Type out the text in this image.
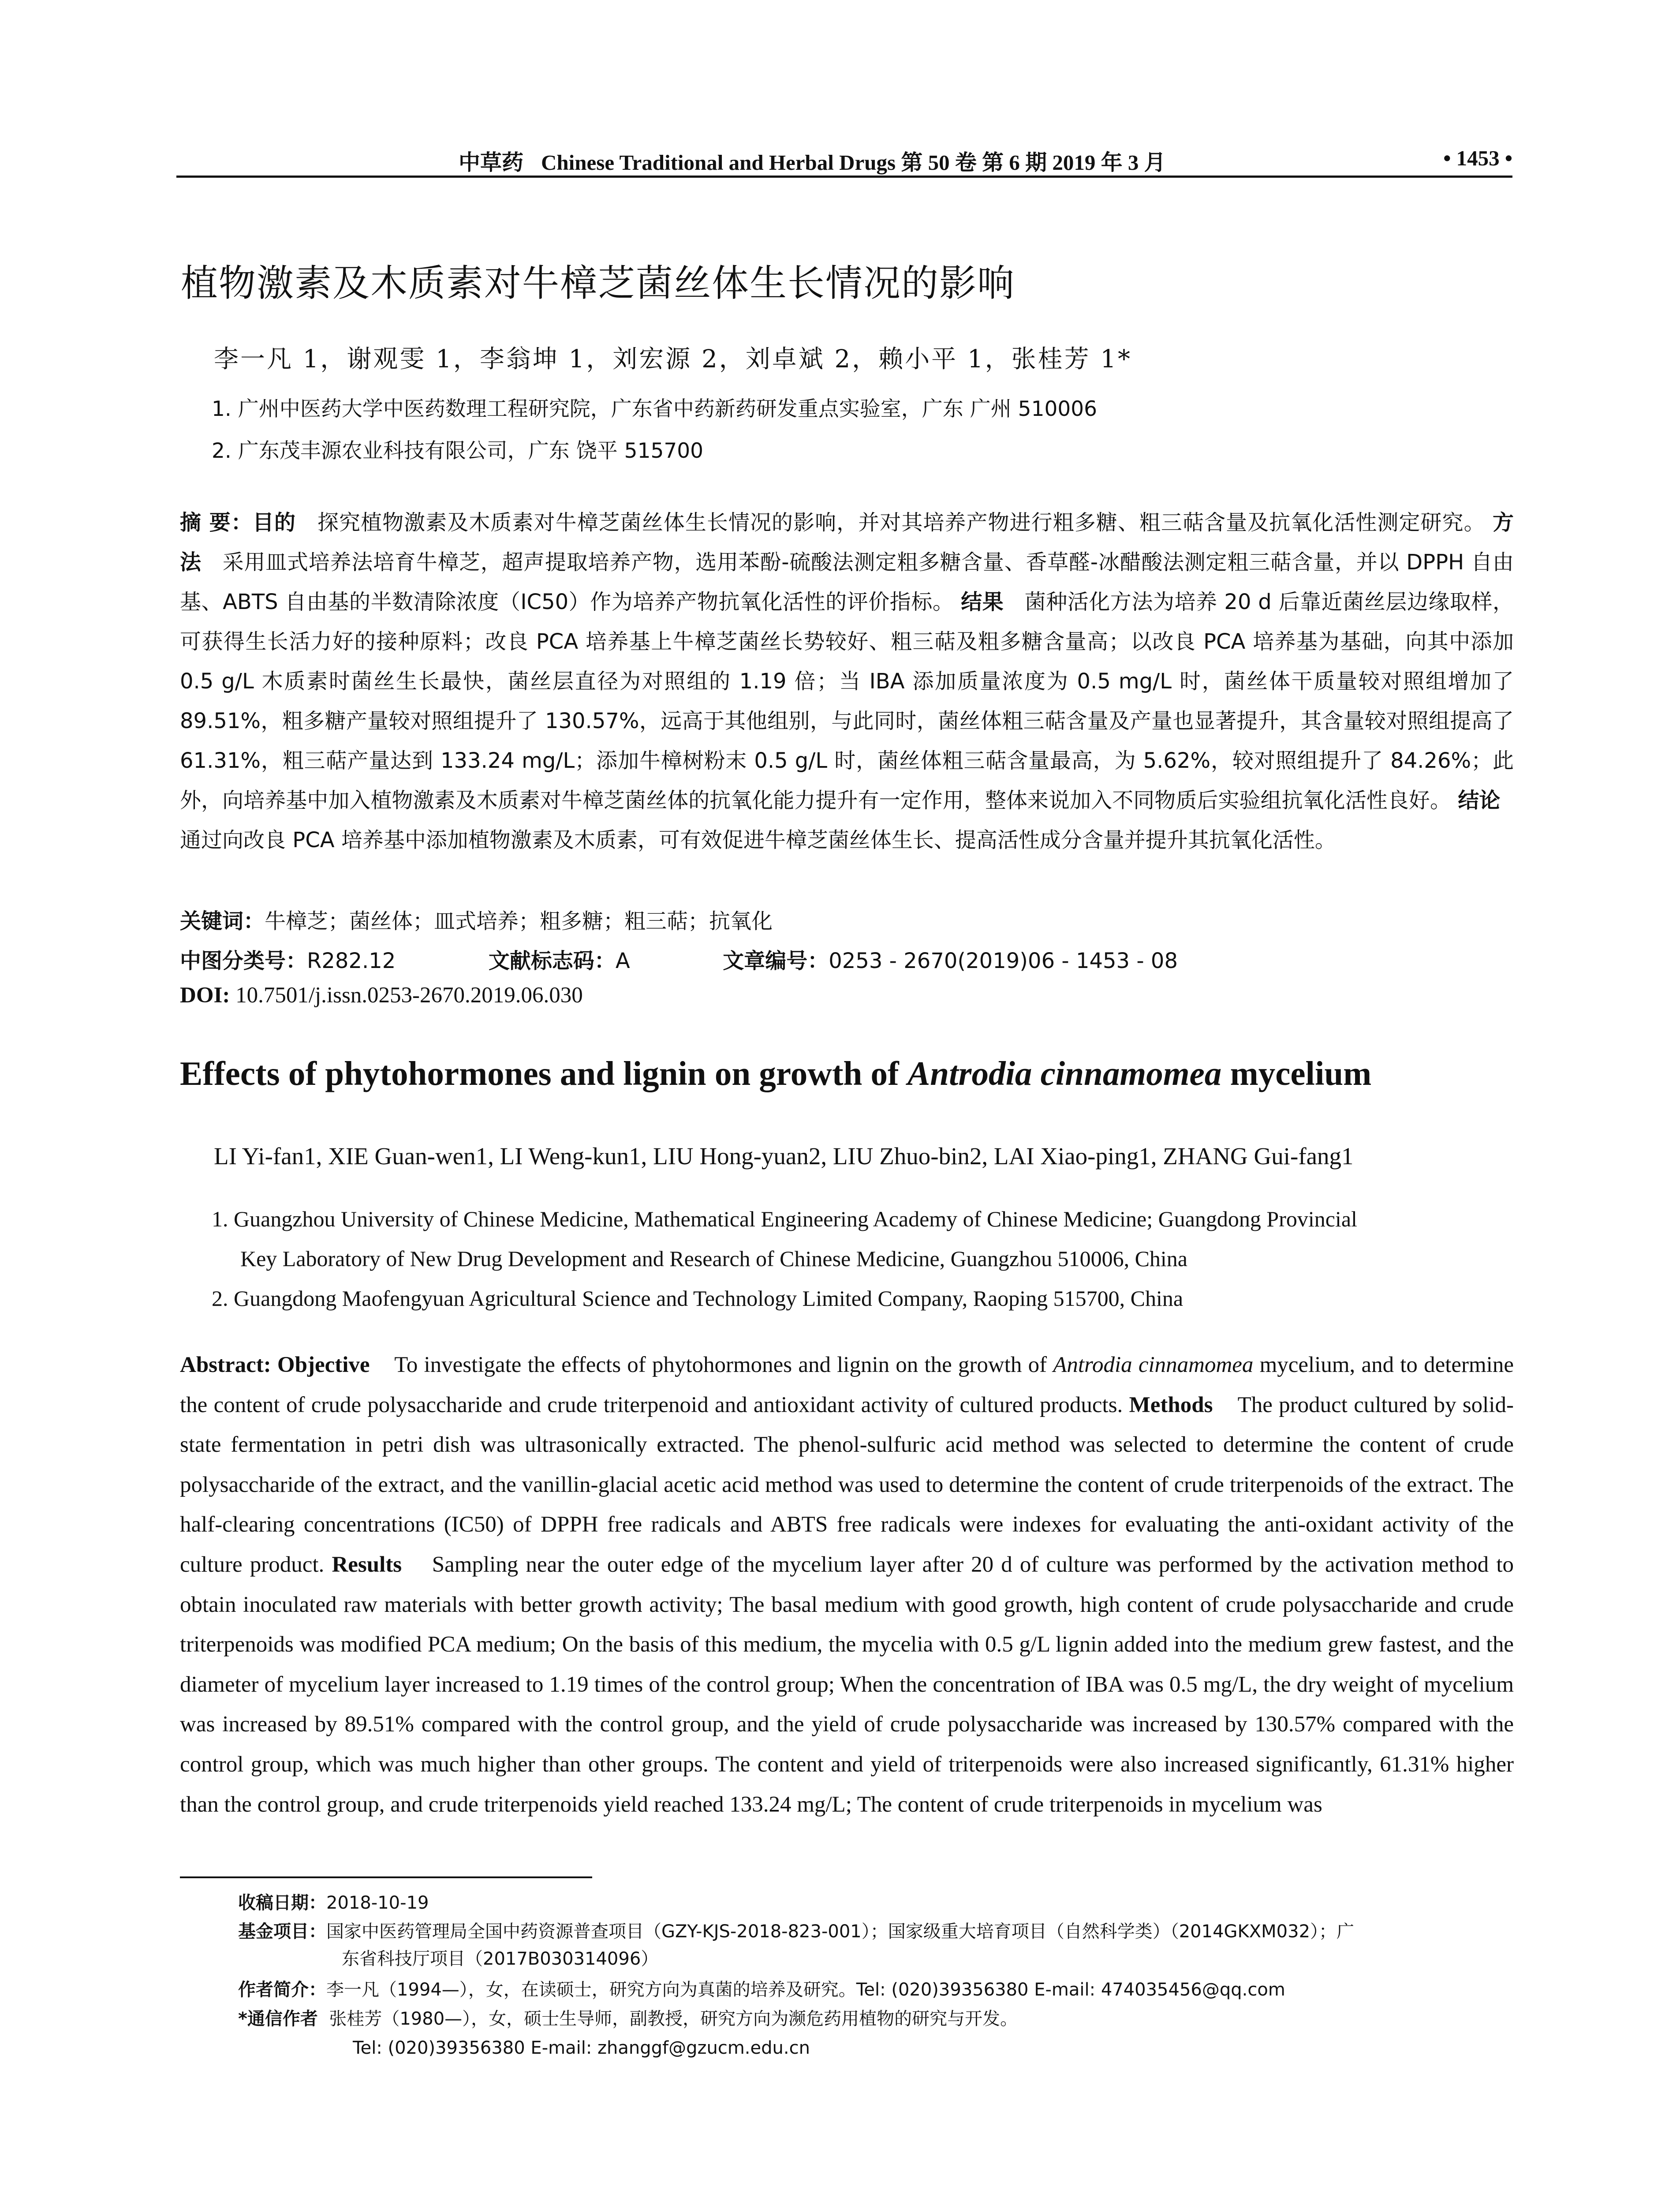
中草药 Chinese Traditional and Herbal Drugs 第 50 卷 第 6 期 2019 年 3 月	• 1453 •
植物激素及木质素对牛樟芝菌丝体生长情况的影响
李一凡 1，谢观雯 1，李翁坤 1，刘宏源 2，刘卓斌 2，赖小平 1，张桂芳 1*
1. 广州中医药大学中医药数理工程研究院，广东省中药新药研发重点实验室，广东 广州 510006
2. 广东茂丰源农业科技有限公司，广东 饶平 515700
摘 要：目的 探究植物激素及木质素对牛樟芝菌丝体生长情况的影响，并对其培养产物进行粗多糖、粗三萜含量及抗氧化活性测定研究。 方法 采用皿式培养法培育牛樟芝，超声提取培养产物，选用苯酚-硫酸法测定粗多糖含量、香草醛-冰醋酸法测定粗三萜含量，并以 DPPH 自由基、ABTS 自由基的半数清除浓度（IC50）作为培养产物抗氧化活性的评价指标。 结果 菌种活化方法为培养 20 d 后靠近菌丝层边缘取样，可获得生长活力好的接种原料；改良 PCA 培养基上牛樟芝菌丝长势较好、粗三萜及粗多糖含量高；以改良 PCA 培养基为基础，向其中添加 0.5 g/L 木质素时菌丝生长最快，菌丝层直径为对照组的 1.19 倍；当 IBA 添加质量浓度为 0.5 mg/L 时，菌丝体干质量较对照组增加了 89.51%，粗多糖产量较对照组提升了 130.57%，远高于其他组别，与此同时，菌丝体粗三萜含量及产量也显著提升，其含量较对照组提高了 61.31%，粗三萜产量达到 133.24 mg/L；添加牛樟树粉末 0.5 g/L 时，菌丝体粗三萜含量最高，为 5.62%，较对照组提升了 84.26%；此外，向培养基中加入植物激素及木质素对牛樟芝菌丝体的抗氧化能力提升有一定作用，整体来说加入不同物质后实验组抗氧化活性良好。 结论   通过向改良 PCA 培养基中添加植物激素及木质素，可有效促进牛樟芝菌丝体生长、提高活性成分含量并提升其抗氧化活性。
关键词：牛樟芝；菌丝体；皿式培养；粗多糖；粗三萜；抗氧化
中图分类号：R282.12	文献标志码：A	文章编号：0253 - 2670(2019)06 - 1453 - 08
DOI: 10.7501/j.issn.0253-2670.2019.06.030
Effects of phytohormones and lignin on growth of Antrodia cinnamomea mycelium
LI Yi-fan1, XIE Guan-wen1, LI Weng-kun1, LIU Hong-yuan2, LIU Zhuo-bin2, LAI Xiao-ping1, ZHANG Gui-fang1
1. Guangzhou University of Chinese Medicine, Mathematical Engineering Academy of Chinese Medicine; Guangdong Provincial
Key Laboratory of New Drug Development and Research of Chinese Medicine, Guangzhou 510006, China
2. Guangdong Maofengyuan Agricultural Science and Technology Limited Company, Raoping 515700, China
Abstract: Objective To investigate the effects of phytohormones and lignin on the growth of Antrodia cinnamomea mycelium, and to determine the content of crude polysaccharide and crude triterpenoid and antioxidant activity of cultured products. Methods The product cultured by solid-state fermentation in petri dish was ultrasonically extracted. The phenol-sulfuric acid method was selected to determine the content of crude polysaccharide of the extract, and the vanillin-glacial acetic acid method was used to determine the content of crude triterpenoids of the extract. The half-clearing concentrations (IC50) of DPPH free radicals and ABTS free radicals were indexes for evaluating the anti-oxidant activity of the culture product. Results Sampling near the outer edge of the mycelium layer after 20 d of culture was performed by the activation method to obtain inoculated raw materials with better growth activity; The basal medium with good growth, high content of crude polysaccharide and crude triterpenoids was modified PCA medium; On the basis of this medium, the mycelia with 0.5 g/L lignin added into the medium grew fastest, and the diameter of mycelium layer increased to 1.19 times of the control group; When the concentration of IBA was 0.5 mg/L, the dry weight of mycelium was increased by 89.51% compared with the control group, and the yield of crude polysaccharide was increased by 130.57% compared with the control group, which was much higher than other groups. The content and yield of triterpenoids were also increased significantly, 61.31% higher than the control group, and crude triterpenoids yield reached 133.24 mg/L; The content of crude triterpenoids in mycelium was
收稿日期：2018-10-19
基金项目：国家中医药管理局全国中药资源普查项目（GZY-KJS-2018-823-001）；国家级重大培育项目（自然科学类）（2014GKXM032）；广
东省科技厅项目（2017B030314096）
作者简介：李一凡（1994—），女，在读硕士，研究方向为真菌的培养及研究。Tel: (020)39356380 E-mail: 474035456@qq.com
*通信作者 张桂芳（1980—），女，硕士生导师，副教授，研究方向为濒危药用植物的研究与开发。
Tel: (020)39356380 E-mail: zhanggf@gzucm.edu.cn
